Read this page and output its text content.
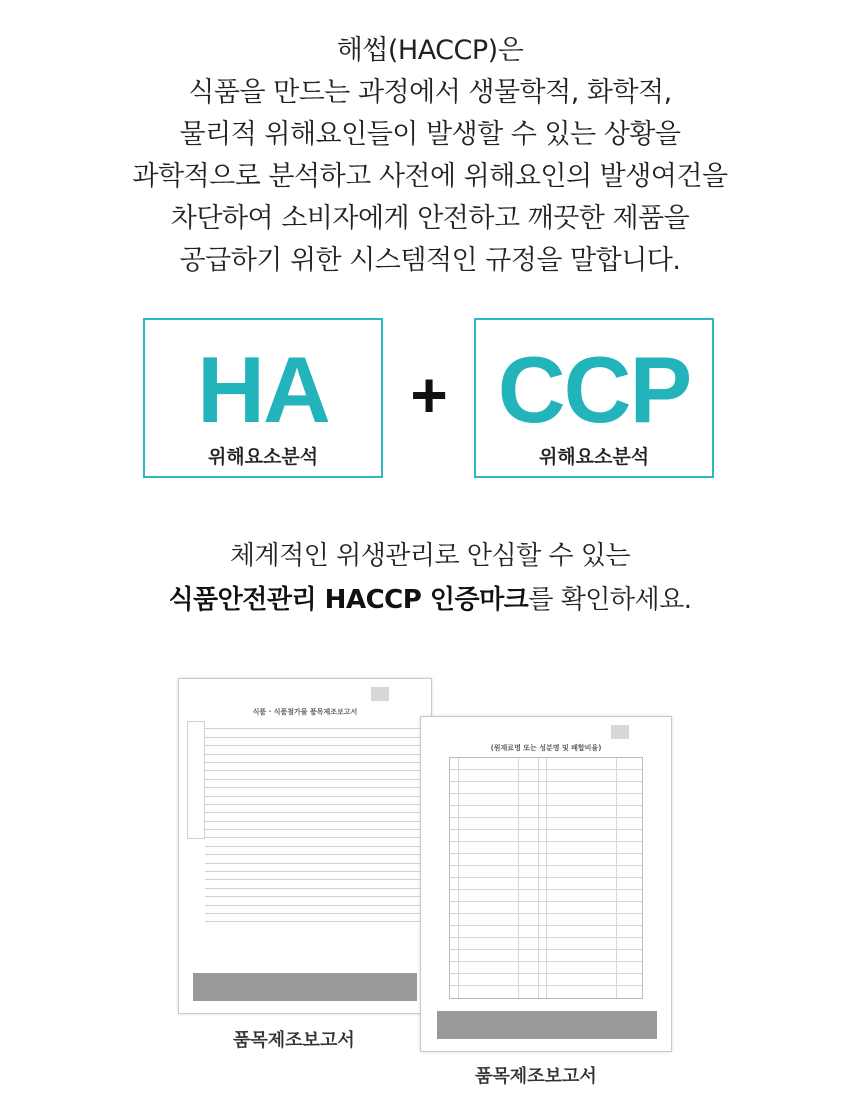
해썹(HACCP)은
식품을 만드는 과정에서 생물학적, 화학적,
물리적 위해요인들이 발생할 수 있는 상황을
과학적으로 분석하고 사전에 위해요인의 발생여건을
차단하여 소비자에게 안전하고 깨끗한 제품을
공급하기 위한 시스템적인 규정을 말합니다.
HA
위해요소분석
+ CCP
위해요소분석
체계적인 위생관리로 안심할 수 있는
식품안전관리 HACCP 인증마크를 확인하세요.
식품 · 식품첨가물 품목제조보고서
(원재료명 또는 성분명 및 배합비율)
품목제조보고서
품목제조보고서
